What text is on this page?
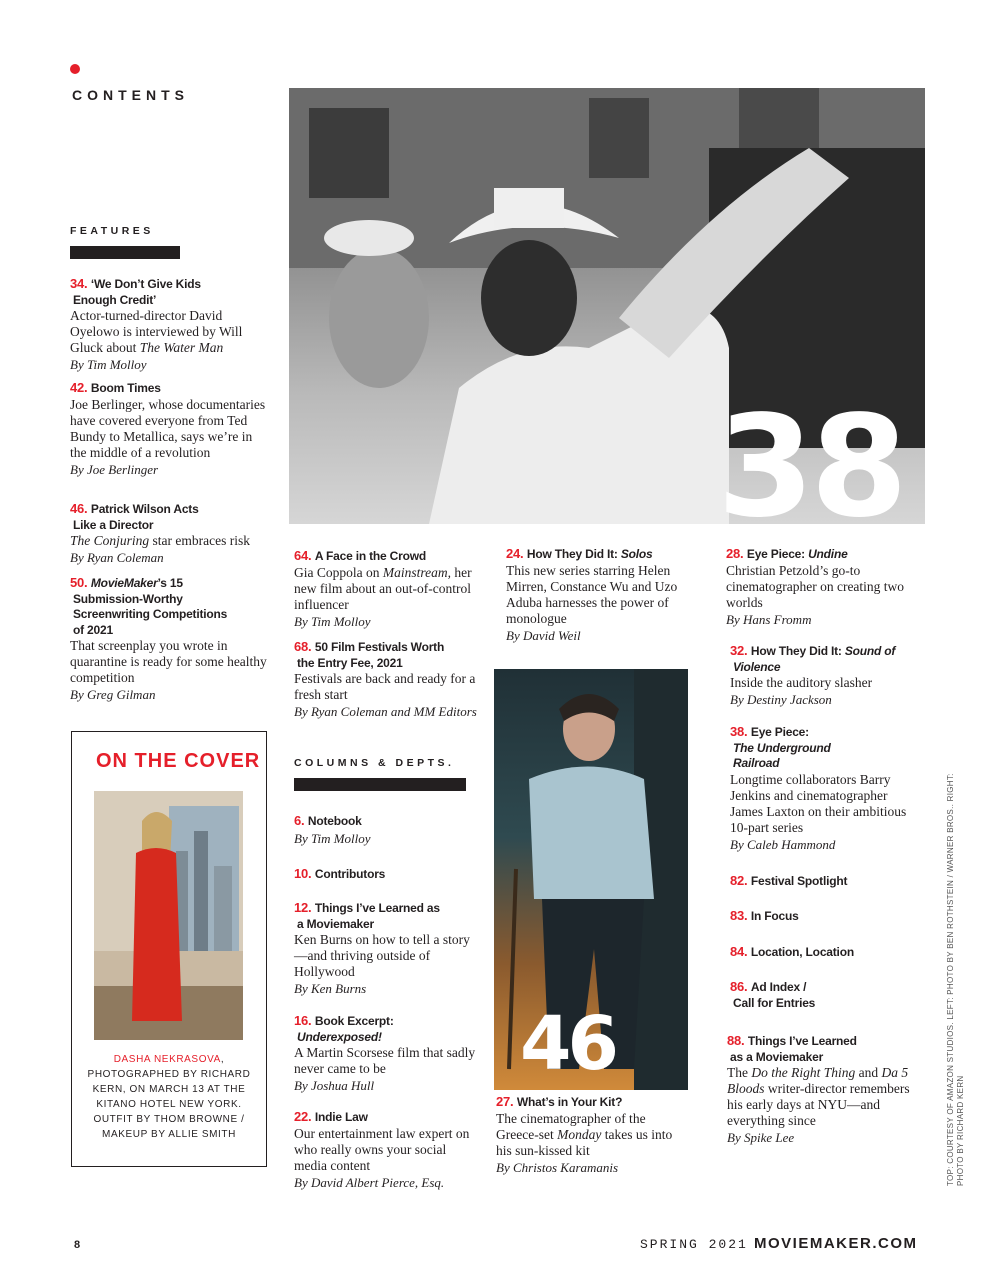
CONTENTS
FEATURES
34. ‘We Don’t Give Kids
Enough Credit’
Actor-turned-director David Oyelowo is interviewed by Will Gluck about The Water Man
By Tim Molloy
42. Boom Times
Joe Berlinger, whose documentaries have covered everyone from Ted Bundy to Metallica, says we’re in the middle of a revolution
By Joe Berlinger
46. Patrick Wilson Acts
Like a Director
The Conjuring star embraces risk
By Ryan Coleman
50. MovieMaker’s 15
Submission-Worthy
Screenwriting Competitions
of 2021
That screenplay you wrote in quarantine is ready for some healthy competition
By Greg Gilman
38
64. A Face in the Crowd
Gia Coppola on Mainstream, her new film about an out-of-control influencer
By Tim Molloy
68. 50 Film Festivals Worth
the Entry Fee, 2021
Festivals are back and ready for a fresh start
By Ryan Coleman and MM Editors
COLUMNS & DEPTS.
6. Notebook
By Tim Molloy
10. Contributors
12. Things I’ve Learned as
a Moviemaker
Ken Burns on how to tell a story—and thriving outside of Hollywood
By Ken Burns
16. Book Excerpt:
Underexposed!
A Martin Scorsese film that sadly never came to be
By Joshua Hull
22. Indie Law
Our entertainment law expert on who really owns your social media content
By David Albert Pierce, Esq.
24. How They Did It: Solos
This new series starring Helen Mirren, Constance Wu and Uzo Aduba harnesses the power of monologue
By David Weil
46
27. What’s in Your Kit?
The cinematographer of the Greece-set Monday takes us into his sun-kissed kit
By Christos Karamanis
28. Eye Piece: Undine
Christian Petzold’s go-to cinematographer on creating two worlds
By Hans Fromm
32. How They Did It: Sound of
Violence
Inside the auditory slasher
By Destiny Jackson
38. Eye Piece:
The Underground
Railroad
Longtime collaborators Barry Jenkins and cinematographer James Laxton on their ambitious 10-part series
By Caleb Hammond
82. Festival Spotlight
83. In Focus
84. Location, Location
86. Ad Index /
Call for Entries
88. Things I’ve Learned
as a Moviemaker
The Do the Right Thing and Da 5 Bloods writer-director remembers his early days at NYU—and everything since
By Spike Lee
ON THE COVER
DASHA NEKRASOVA, PHOTOGRAPHED BY RICHARD KERN, ON MARCH 13 AT THE KITANO HOTEL NEW YORK. OUTFIT BY THOM BROWNE / MAKEUP BY ALLIE SMITH	TOP: COURTESY OF AMAZON STUDIOS. LEFT: PHOTO BY BEN ROTHSTEIN / WARNER BROS.. RIGHT: PHOTO BY RICHARD KERN
8	SPRING 2021 MOVIEMAKER.COM
